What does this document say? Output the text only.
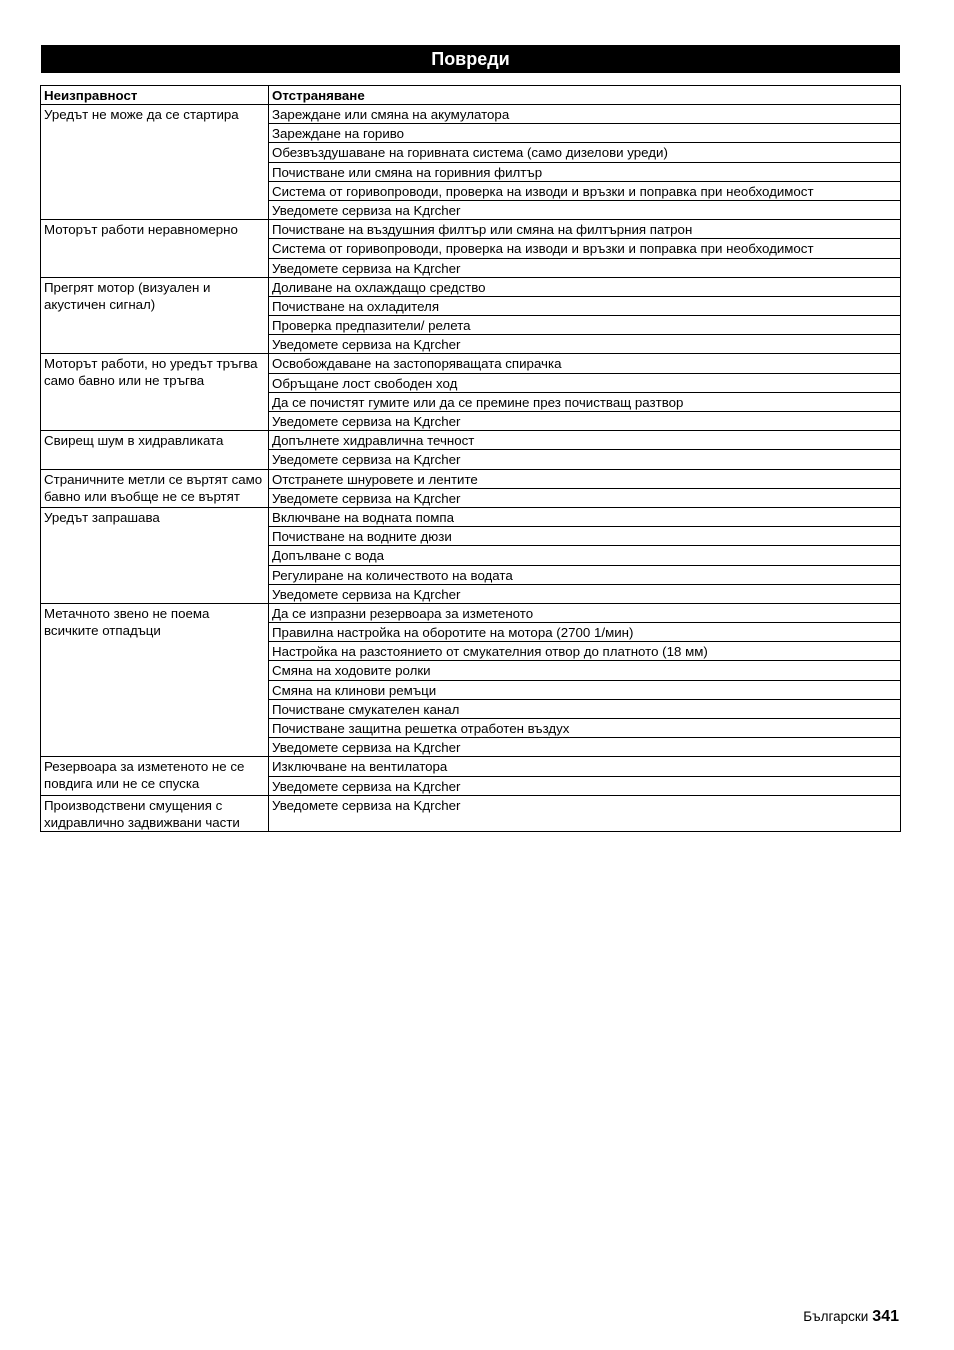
Повреди
Неизправност	Отстраняване
Уредът не може да се стартира	Зареждане или смяна на акумулатора
	Зареждане на гориво
	Обезвъздушаване на горивната система (само дизелови уреди)
	Почистване или смяна на горивния филтър
	Система от горивопроводи, проверка на изводи и връзки и поправка при необходимост
	Уведомете сервиза на Kдrcher
Моторът работи неравномерно	Почистване на въздушния филтър или смяна на филтърния патрон
	Система от горивопроводи, проверка на изводи и връзки и поправка при необходимост
	Уведомете сервиза на Kдrcher
Прегрят мотор (визуален и акустичен сигнал)	Доливане на охлаждащо средство
	Почистване на охладителя
	Проверка предпазители/ релета
	Уведомете сервиза на Kдrcher
Моторът работи, но уредът тръгва само бавно или не тръгва	Освобождаване на застопоряващата спирачка
	Обръщане лост свободен ход
	Да се почистят гумите или да се премине през почистващ разтвор
	Уведомете сервиза на Kдrcher
Свирещ шум в хидравликата	Допълнете хидравлична течност
	Уведомете сервиза на Kдrcher
Страничните метли се въртят само бавно или въобще не се въртят	Отстранете шнуровете и лентите
	Уведомете сервиза на Kдrcher
Уредът запрашава	Включване на водната помпа
	Почистване на водните дюзи
	Допълване с вода
	Регулиране на количеството на водата
	Уведомете сервиза на Kдrcher
Метачното звено не поема всичките отпадъци	Да се изпразни резервоара за изметеното
	Правилна настройка на оборотите на мотора (2700 1/мин)
	Настройка на разстоянието от смукателния отвор до платното (18 мм)
	Смяна на ходовите ролки
	Смяна на клинови ремъци
	Почистване смукателен канал
	Почистване защитна решетка отработен въздух
	Уведомете сервиза на Kдrcher
Резервоара за изметеното не се повдига или не се спуска	Изключване на вентилатора
	Уведомете сервиза на Kдrcher
Производствени смущения с хидравлично задвижвани части	Уведомете сервиза на Kдrcher
Български 341
